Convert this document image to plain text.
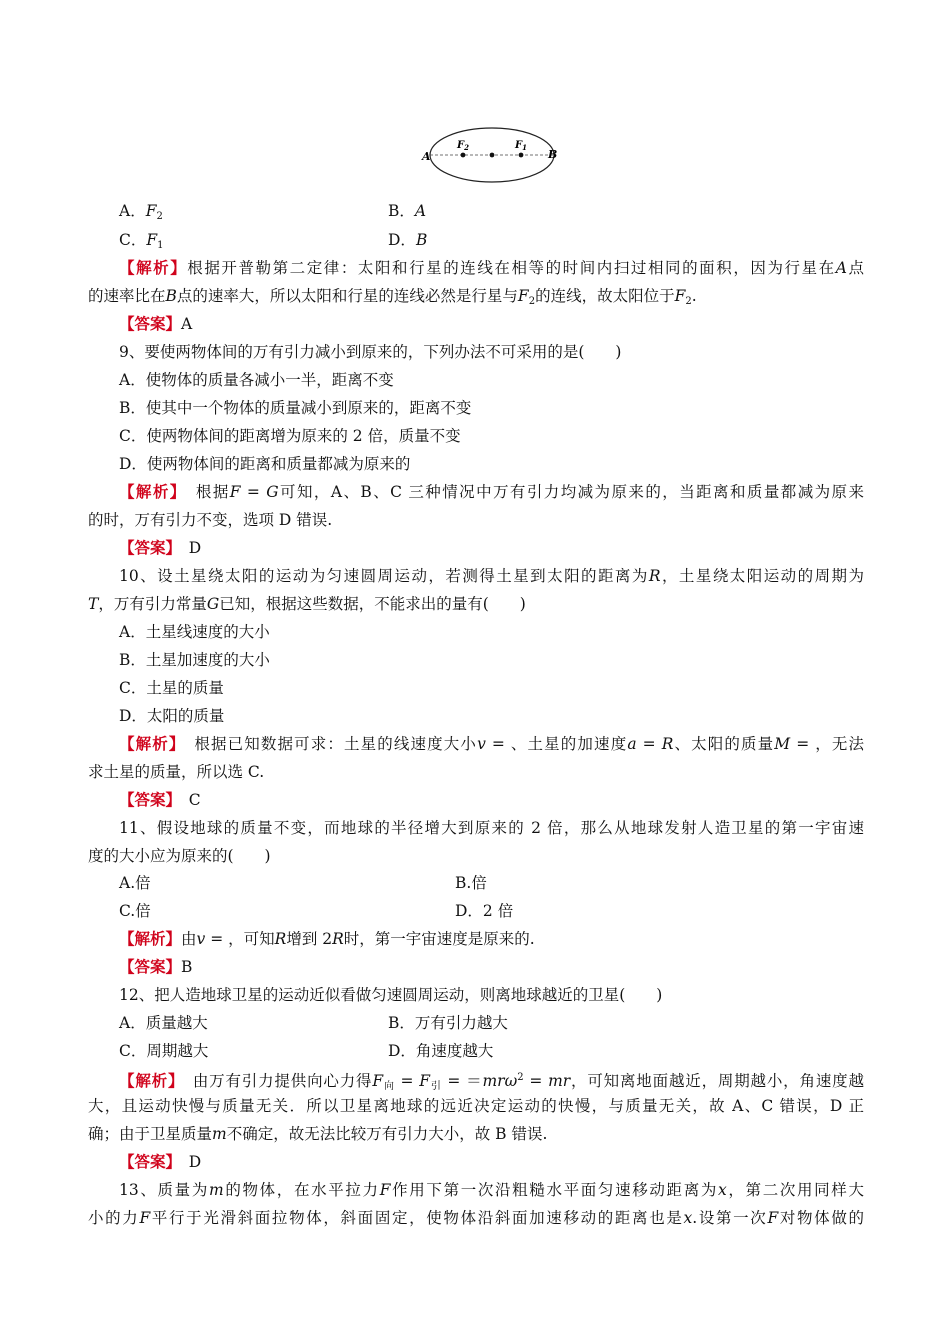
A	B
$F_2$	$F_1$
A．$F_2$	B．A
C．$F_1$	D．B
【解析】根据开普勒第二定律：太阳和行星的连线在相等的时间内扫过相同的面积，因为行星在A点
的速率比在B点的速率大，所以太阳和行星的连线必然是行星与$F_2$的连线，故太阳位于$F_2$.
【答案】A
9、要使两物体间的万有引力减小到原来的，下列办法不可采用的是(　　)
A．使物体的质量各减小一半，距离不变
B．使其中一个物体的质量减小到原来的，距离不变
C．使两物体间的距离增为原来的 2 倍，质量不变
D．使两物体间的距离和质量都减为原来的
【解析】　根据F = G可知，A、B、C 三种情况中万有引力均减为原来的，当距离和质量都减为原来
的时，万有引力不变，选项 D 错误.
【答案】　D
10、设土星绕太阳的运动为匀速圆周运动，若测得土星到太阳的距离为R，土星绕太阳运动的周期为
T，万有引力常量G已知，根据这些数据，不能求出的量有(　　)
A．土星线速度的大小
B．土星加速度的大小
C．土星的质量
D．太阳的质量
【解析】　根据已知数据可求：土星的线速度大小v = 、土星的加速度a = R、太阳的质量M = ，无法
求土星的质量，所以选 C.
【答案】　C
11、假设地球的质量不变，而地球的半径增大到原来的 2 倍，那么从地球发射人造卫星的第一宇宙速
度的大小应为原来的(　　)
A.倍	B.倍
C.倍	D．2 倍
【解析】由v = ，可知R增到 2R时，第一宇宙速度是原来的.
【答案】B
12、把人造地球卫星的运动近似看做匀速圆周运动，则离地球越近的卫星(　　)
A．质量越大	B．万有引力越大
C．周期越大	D．角速度越大
【解析】　由万有引力提供向心力得$F_向 = F_引 = =mr\omega^2$ = mr，可知离地面越近，周期越小，角速度越
大，且运动快慢与质量无关．所以卫星离地球的远近决定运动的快慢，与质量无关，故 A、C 错误，D 正
确；由于卫星质量m不确定，故无法比较万有引力大小，故 B 错误.
【答案】　D
13、质量为m的物体，在水平拉力F作用下第一次沿粗糙水平面匀速移动距离为x，第二次用同样大
小的力F平行于光滑斜面拉物体，斜面固定，使物体沿斜面加速移动的距离也是x.设第一次F对物体做的
